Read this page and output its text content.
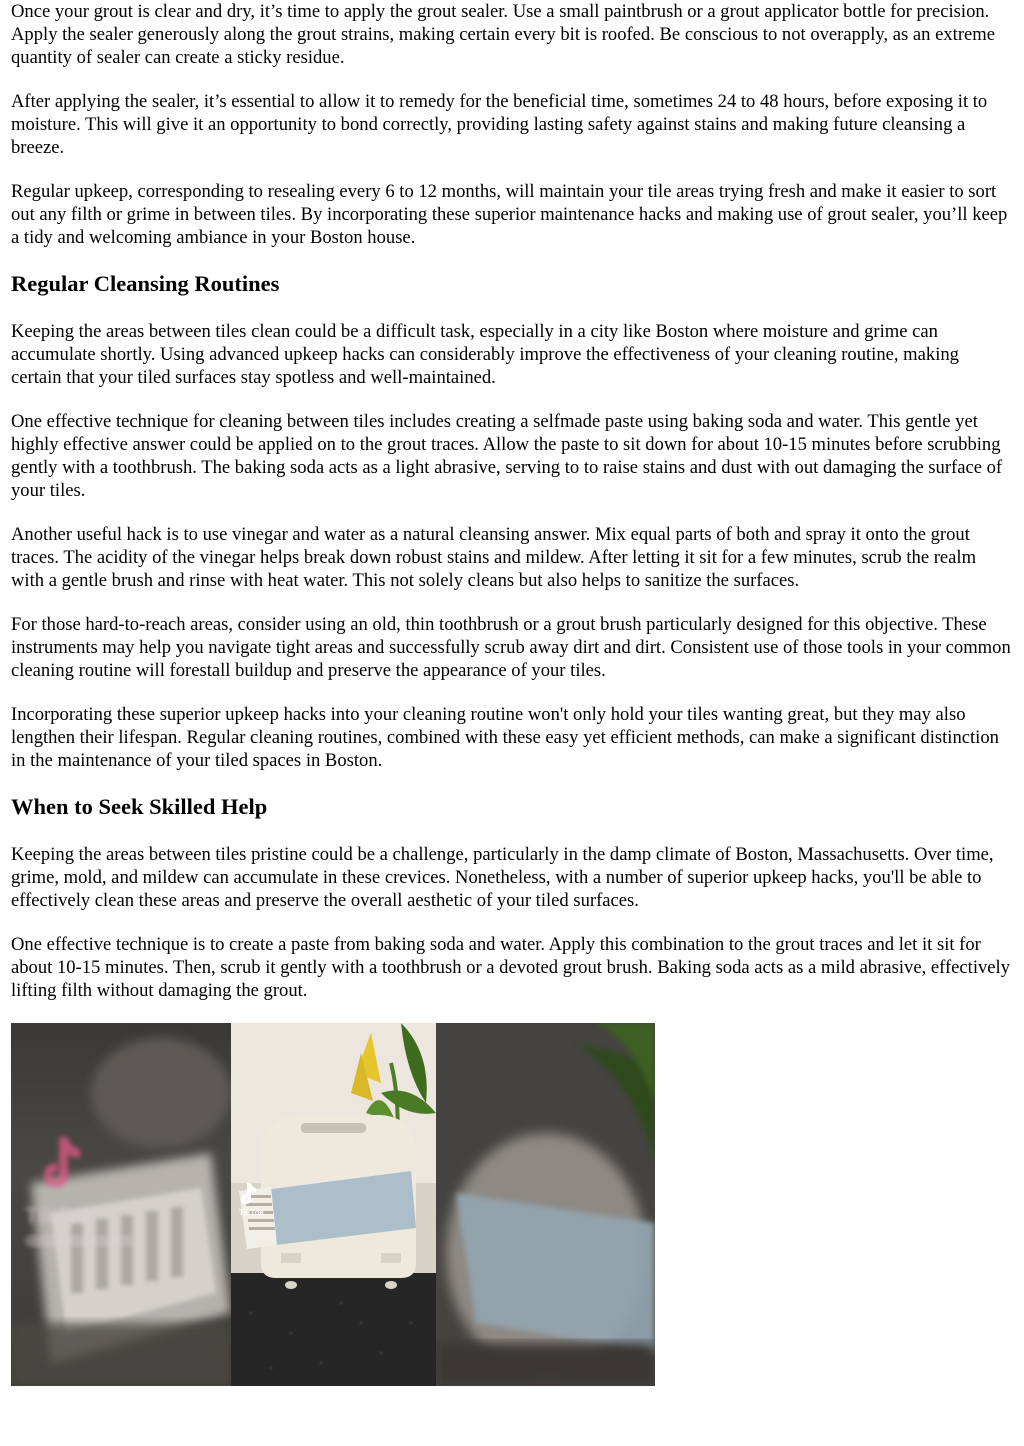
Once your grout is clear and dry, it’s time to apply the grout sealer. Use a small paintbrush or a grout applicator bottle for precision. Apply the sealer generously along the grout strains, making certain every bit is roofed. Be conscious to not overapply, as an extreme quantity of sealer can create a sticky residue.

After applying the sealer, it’s essential to allow it to remedy for the beneficial time, sometimes 24 to 48 hours, before exposing it to moisture. This will give it an opportunity to bond correctly, providing lasting safety against stains and making future cleansing a breeze.

Regular upkeep, corresponding to resealing every 6 to 12 months, will maintain your tile areas trying fresh and make it easier to sort out any filth or grime in between tiles. By incorporating these superior maintenance hacks and making use of grout sealer, you’ll keep a tidy and welcoming ambiance in your Boston house.

Regular Cleansing Routines

Keeping the areas between tiles clean could be a difficult task, especially in a city like Boston where moisture and grime can accumulate shortly. Using advanced upkeep hacks can considerably improve the effectiveness of your cleaning routine, making certain that your tiled surfaces stay spotless and well-maintained.

One effective technique for cleaning between tiles includes creating a selfmade paste using baking soda and water. This gentle yet highly effective answer could be applied on to the grout traces. Allow the paste to sit down for about 10-15 minutes before scrubbing gently with a toothbrush. The baking soda acts as a light abrasive, serving to to raise stains and dust with out damaging the surface of your tiles.

Another useful hack is to use vinegar and water as a natural cleansing answer. Mix equal parts of both and spray it onto the grout traces. The acidity of the vinegar helps break down robust stains and mildew. After letting it sit for a few minutes, scrub the realm with a gentle brush and rinse with heat water. This not solely cleans but also helps to sanitize the surfaces.

For those hard-to-reach areas, consider using an old, thin toothbrush or a grout brush particularly designed for this objective. These instruments may help you navigate tight areas and successfully scrub away dirt and dirt. Consistent use of those tools in your common cleaning routine will forestall buildup and preserve the appearance of your tiles.

Incorporating these superior upkeep hacks into your cleaning routine won't only hold your tiles wanting great, but they may also lengthen their lifespan. Regular cleaning routines, combined with these easy yet efficient methods, can make a significant distinction in the maintenance of your tiled spaces in Boston.

When to Seek Skilled Help

Keeping the areas between tiles pristine could be a challenge, particularly in the damp climate of Boston, Massachusetts. Over time, grime, mold, and mildew can accumulate in these crevices. Nonetheless, with a number of superior upkeep hacks, you'll be able to effectively clean these areas and preserve the overall aesthetic of your tiled surfaces.

One effective technique is to create a paste from baking soda and water. Apply this combination to the grout traces and let it sit for about 10-15 minutes. Then, scrub it gently with a toothbrush or a devoted grout brush. Baking soda acts as a mild abrasive, effectively lifting filth without damaging the grout.

TikTok	TikTok
